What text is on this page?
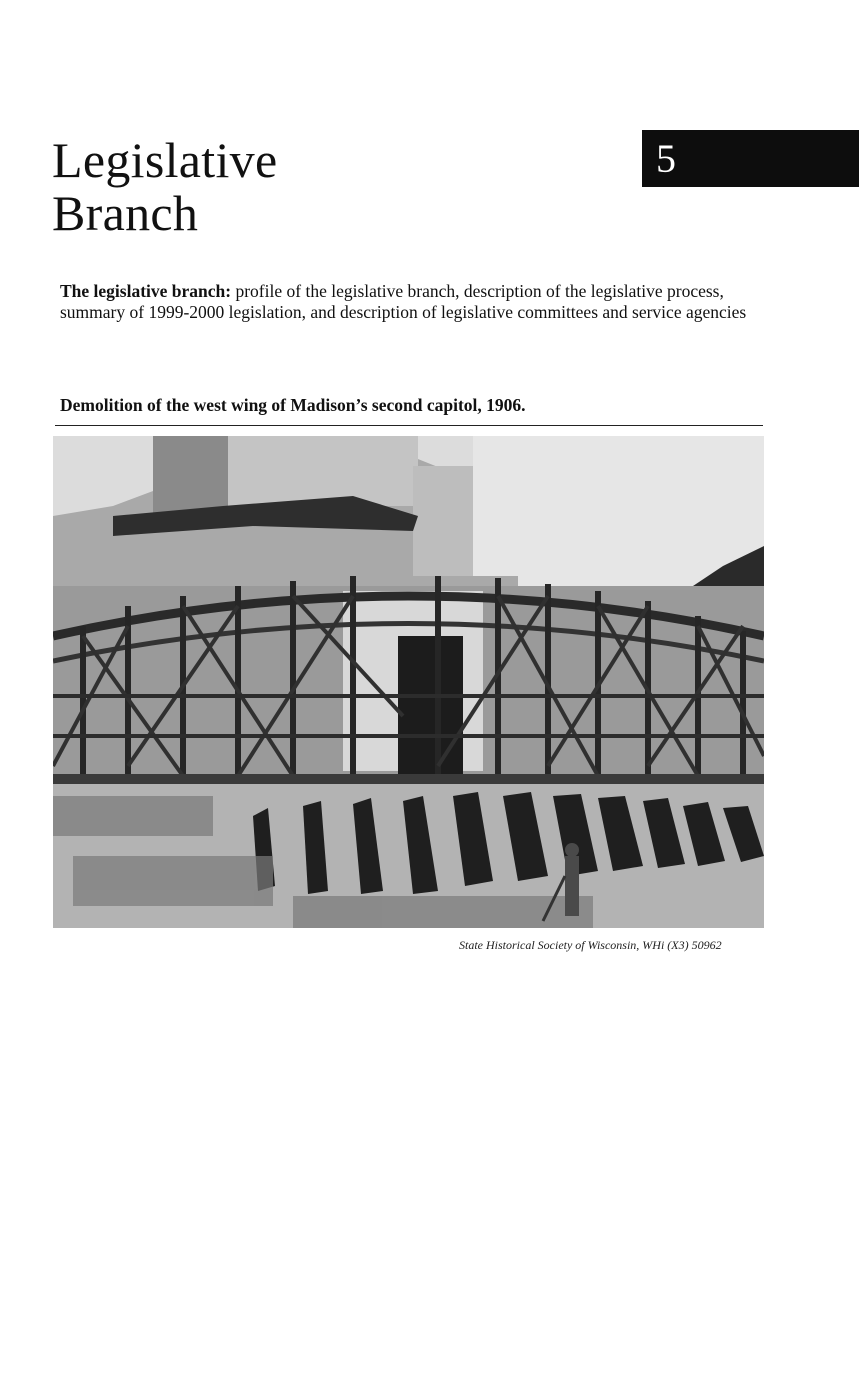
Legislative
Branch
5

The legislative branch: profile of the legislative branch, description of the legislative process, summary of 1999-2000 legislation, and description of legislative committees and service agencies

Demolition of the west wing of Madison’s second capitol, 1906.

State Historical Society of Wisconsin, WHi (X3) 50962
